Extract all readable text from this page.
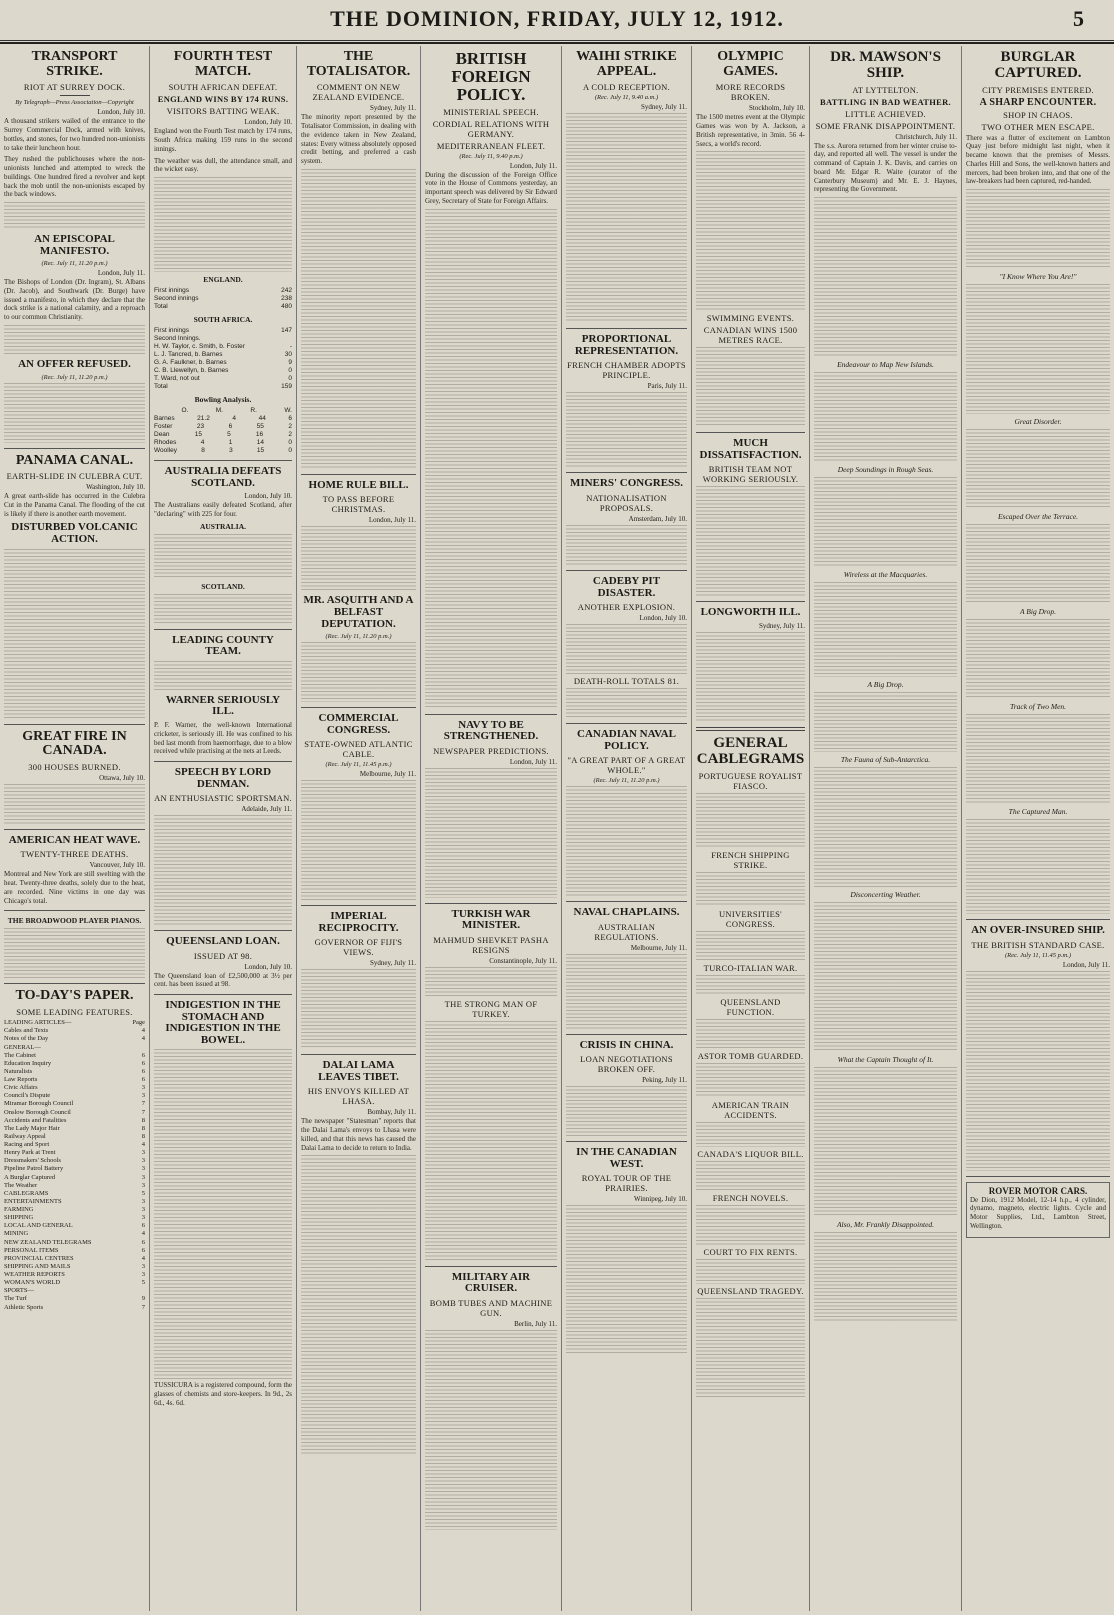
THE DOMINION, FRIDAY, JULY 12, 1912.	5
TRANSPORT STRIKE.
RIOT AT SURREY DOCK.
By Telegraph—Press Association—Copyright
London, July 10.

A thousand strikers wailed of the entrance to the Surrey Commercial Dock, armed with knives, bottles, and stones, for two hundred non-unionists to take their luncheon hour.

They rushed the publichouses where the non-unionists lunched and attempted to wreck the buildings. One hundred fired a revolver and kept back the mob until the non-unionists escaped by the back windows.

AN EPISCOPAL MANIFESTO.
(Rec. July 11, 11.20 p.m.)
London, July 11.

The Bishops of London (Dr. Ingram), St. Albans (Dr. Jacob), and Southwark (Dr. Burge) have issued a manifesto, in which they declare that the dock strike is a national calamity, and a reproach to our common Christianity.

AN OFFER REFUSED.
(Rec. July 11, 11.20 p.m.)
PANAMA CANAL.
EARTH-SLIDE IN CULEBRA CUT.
Washington, July 10.

A great earth-slide has occurred in the Culebra Cut in the Panama Canal. The flooding of the cut is likely if there is another earth movement.

DISTURBED VOLCANIC ACTION.
GREAT FIRE IN CANADA.
300 HOUSES BURNED.
Ottawa, July 10.
AMERICAN HEAT WAVE.
TWENTY-THREE DEATHS.
Vancouver, July 10.

Montreal and New York are still swelting with the heat. Twenty-three deaths, solely due to the heat, are recorded. Nine victims in one day was Chicago's total.

THE BROADWOOD PLAYER PIANOS.
TO-DAY'S PAPER.
SOME LEADING FEATURES.
LEADING ARTICLES—	Page
Cables and Texts	4
Notes of the Day	4
GENERAL—
The Cabinet	6
Education Inquiry	6
Naturalists	6
Law Reports	6
Civic Affairs	3
Council's Dispute	3
Miramar Borough Council	7
Onslow Borough Council	7
Accidents and Fatalities	8
The Lady Major Hair	8
Railway Appeal	8
Racing and Sport	4
Henry Park at Trent	3
Dressmakers' Schools	3
Pipeline Patrol Battery	3
A Burglar Captured	3
The Weather	3
CABLEGRAMS	5
ENTERTAINMENTS	3
FARMING	3
SHIPPING	3
LOCAL AND GENERAL	6
MINING	4
NEW ZEALAND TELEGRAMS	6
PERSONAL ITEMS	6
PROVINCIAL CENTRES	4
SHIPPING AND MAILS	3
WEATHER REPORTS	3
WOMAN'S WORLD	5
SPORTS—
The Turf	9
Athletic Sports	7
FOURTH TEST MATCH.
SOUTH AFRICAN DEFEAT.
ENGLAND WINS BY 174 RUNS.
VISITORS BATTING WEAK.
London, July 10.

England won the Fourth Test match by 174 runs, South Africa making 159 runs in the second innings.

The weather was dull, the attendance small, and the wicket easy.

ENGLAND.
First innings	242
Second innings	238
Total	480
SOUTH AFRICA.
First innings	147
Second Innings.
H. W. Taylor, c. Smith, b. Foster	-
L. J. Tancred, b. Barnes	30
G. A. Faulkner, b. Barnes	9
C. B. Llewellyn, b. Barnes	0
T. Ward, not out	0
Total	159
Bowling Analysis.
O.	M.	R.	W.
Barnes	21.2	4	44	6
Foster	23	6	55	2
Dean	15	5	16	2
Rhodes	4	1	14	0
Woolley	8	3	15	0
AUSTRALIA DEFEATS SCOTLAND.
London, July 10.

The Australians easily defeated Scotland, after "declaring" with 225 for four.

AUSTRALIA.
SCOTLAND.
LEADING COUNTY TEAM.
WARNER SERIOUSLY ILL.

P. F. Warner, the well-known International cricketer, is seriously ill. He was confined to his bed last month from haemorrhage, due to a blow received while practising at the nets at Leeds.

SPEECH BY LORD DENMAN.
AN ENTHUSIASTIC SPORTSMAN.
Adelaide, July 11.
QUEENSLAND LOAN.
ISSUED AT 98.
London, July 10.

The Queensland loan of £2,500,000 at 3½ per cent. has been issued at 98.

INDIGESTION IN THE STOMACH AND INDIGESTION IN THE BOWEL.

TUSSICURA is a registered compound, form the glasses of chemists and store-keepers. In 9d., 2s 6d., 4s. 6d.

THE TOTALISATOR.
COMMENT ON NEW ZEALAND EVIDENCE.
Sydney, July 11.

The minority report presented by the Totalisator Commission, in dealing with the evidence taken in New Zealand, states: Every witness absolutely opposed credit betting, and preferred a cash system.

HOME RULE BILL.
TO PASS BEFORE CHRISTMAS.
London, July 11.
MR. ASQUITH AND A BELFAST DEPUTATION.
(Rec. July 11, 11.20 p.m.)
COMMERCIAL CONGRESS.
STATE-OWNED ATLANTIC CABLE.
(Rec. July 11, 11.45 p.m.)
Melbourne, July 11.
IMPERIAL RECIPROCITY.
GOVERNOR OF FIJI'S VIEWS.
Sydney, July 11.
DALAI LAMA LEAVES TIBET.
HIS ENVOYS KILLED AT LHASA.
Bombay, July 11.

The newspaper "Statesman" reports that the Dalai Lama's envoys to Lhasa were killed, and that this news has caused the Dalai Lama to decide to return to India.

BRITISH FOREIGN POLICY.
MINISTERIAL SPEECH.
CORDIAL RELATIONS WITH GERMANY.
MEDITERRANEAN FLEET.
(Rec. July 11, 9.40 p.m.)
London, July 11.

During the discussion of the Foreign Office vote in the House of Commons yesterday, an important speech was delivered by Sir Edward Grey, Secretary of State for Foreign Affairs.

NAVY TO BE STRENGTHENED.
NEWSPAPER PREDICTIONS.
London, July 11.
TURKISH WAR MINISTER.
MAHMUD SHEVKET PASHA RESIGNS
Constantinople, July 11.
THE STRONG MAN OF TURKEY.
MILITARY AIR CRUISER.
BOMB TUBES AND MACHINE GUN.
Berlin, July 11.
WAIHI STRIKE APPEAL.
A COLD RECEPTION.
(Rec. July 11, 9.40 a.m.)
Sydney, July 11.
PROPORTIONAL REPRESENTATION.
FRENCH CHAMBER ADOPTS PRINCIPLE.
Paris, July 11.
MINERS' CONGRESS.
NATIONALISATION PROPOSALS.
Amsterdam, July 10.
CADEBY PIT DISASTER.
ANOTHER EXPLOSION.
London, July 10.
DEATH-ROLL TOTALS 81.
CANADIAN NAVAL POLICY.
"A GREAT PART OF A GREAT WHOLE."
(Rec. July 11, 11.20 p.m.)
NAVAL CHAPLAINS.
AUSTRALIAN REGULATIONS.
Melbourne, July 11.
CRISIS IN CHINA.
LOAN NEGOTIATIONS BROKEN OFF.
Peking, July 11.
IN THE CANADIAN WEST.
ROYAL TOUR OF THE PRAIRIES.
Winnipeg, July 10.
OLYMPIC GAMES.
MORE RECORDS BROKEN.
Stockholm, July 10.

The 1500 metres event at the Olympic Games was won by A. Jackson, a British representative, in 3min. 56 4-5secs, a world's record.

SWIMMING EVENTS.
CANADIAN WINS 1500 METRES RACE.
MUCH DISSATISFACTION.
BRITISH TEAM NOT WORKING SERIOUSLY.
LONGWORTH ILL.
Sydney, July 11.
GENERAL CABLEGRAMS
PORTUGUESE ROYALIST FIASCO.
FRENCH SHIPPING STRIKE.
UNIVERSITIES' CONGRESS.
TURCO-ITALIAN WAR.
QUEENSLAND FUNCTION.
ASTOR TOMB GUARDED.
AMERICAN TRAIN ACCIDENTS.
CANADA'S LIQUOR BILL.
FRENCH NOVELS.
COURT TO FIX RENTS.
QUEENSLAND TRAGEDY.
DR. MAWSON'S SHIP.
AT LYTTELTON.
BATTLING IN BAD WEATHER.
LITTLE ACHIEVED.
SOME FRANK DISAPPOINTMENT.
Christchurch, July 11.

The s.s. Aurora returned from her winter cruise to-day, and reported all well. The vessel is under the command of Captain J. K. Davis, and carries on board Mr. Edgar R. Waite (curator of the Canterbury Museum) and Mr. E. J. Haynes, representing the Government.

Endeavour to Map New Islands.
Deep Soundings in Rough Seas.
Wireless at the Macquaries.
A Big Drop.
The Fauna of Sub-Antarctica.
Disconcerting Weather.
What the Captain Thought of It.
Also, Mr. Frankly Disappointed.
BURGLAR CAPTURED.
CITY PREMISES ENTERED.
A SHARP ENCOUNTER.
SHOP IN CHAOS.
TWO OTHER MEN ESCAPE.

There was a flutter of excitement on Lambton Quay just before midnight last night, when it became known that the premises of Messrs. Charles Hill and Sons, the well-known hatters and mercers, had been broken into, and that one of the law-breakers had been captured, red-handed.

"I Know Where You Are!"
Great Disorder.
Escaped Over the Terrace.
A Big Drop.
Track of Two Men.
The Captured Man.
AN OVER-INSURED SHIP.
THE BRITISH STANDARD CASE.
(Rec. July 11, 11.45 p.m.)
London, July 11.
ROVER MOTOR CARS.

De Dion, 1912 Model, 12-14 h.p., 4 cylinder, dynamo, magneto, electric lights. Cycle and Motor Supplies, Ltd., Lambton Street, Wellington.
